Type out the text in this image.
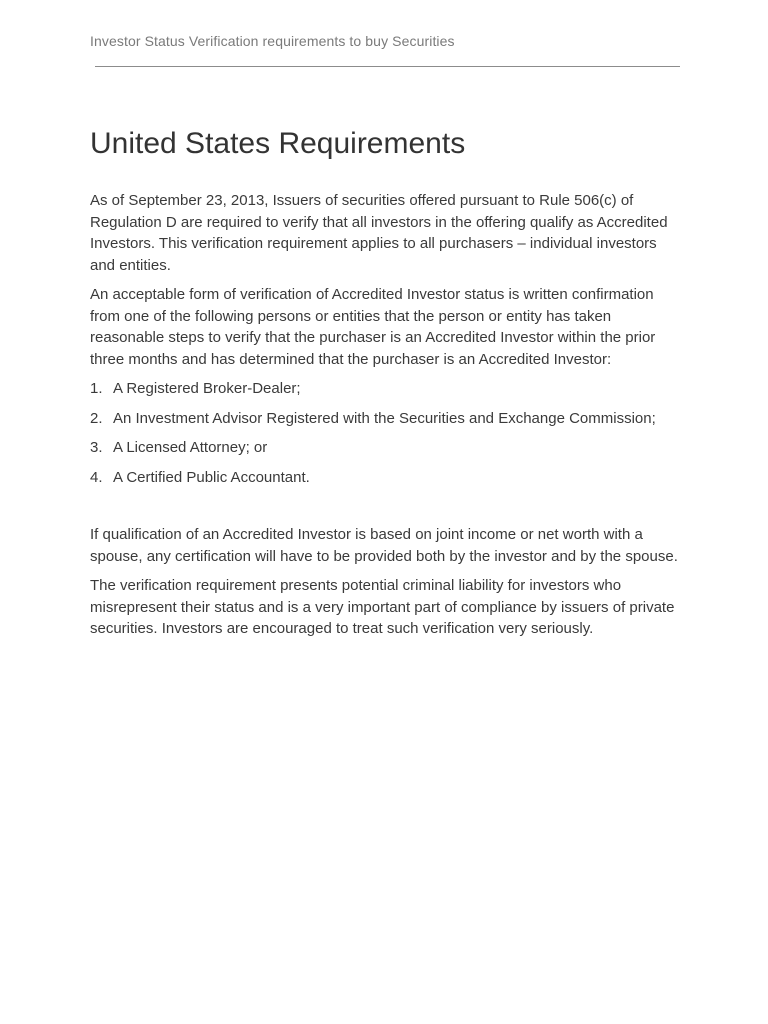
Investor Status Verification requirements to buy Securities
United States Requirements

As of September 23, 2013, Issuers of securities offered pursuant to Rule 506(c) of Regulation D are required to verify that all investors in the offering qualify as Accredited Investors. This verification requirement applies to all purchasers – individual investors and entities.

An acceptable form of verification of Accredited Investor status is written confirmation from one of the following persons or entities that the person or entity has taken reasonable steps to verify that the purchaser is an Accredited Investor within the prior three months and has determined that the purchaser is an Accredited Investor:

1. A Registered Broker-Dealer;
2. An Investment Advisor Registered with the Securities and Exchange Commission;
3. A Licensed Attorney; or
4. A Certified Public Accountant.

If qualification of an Accredited Investor is based on joint income or net worth with a spouse, any certification will have to be provided both by the investor and by the spouse.

The verification requirement presents potential criminal liability for investors who misrepresent their status and is a very important part of compliance by issuers of private securities. Investors are encouraged to treat such verification very seriously.
